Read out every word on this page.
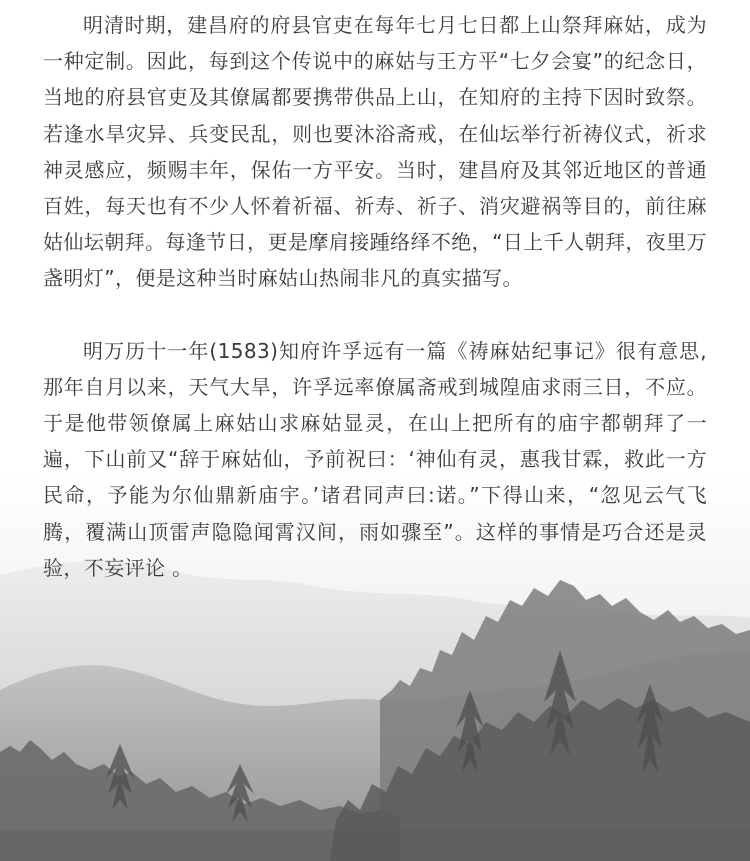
明清时期，建昌府的府县官吏在每年七月七日都上山祭拜麻姑，成为一种定制。因此，每到这个传说中的麻姑与王方平“七夕会宴”的纪念日，当地的府县官吏及其僚属都要携带供品上山，在知府的主持下因时致祭。若逢水旱灾异、兵变民乱，则也要沐浴斋戒，在仙坛举行祈祷仪式，祈求神灵感应，频赐丰年，保佑一方平安。当时，建昌府及其邻近地区的普通百姓，每天也有不少人怀着祈福、祈寿、祈子、消灾避祸等目的，前往麻姑仙坛朝拜。每逢节日，更是摩肩接踵络绎不绝，“日上千人朝拜，夜里万盏明灯”，便是这种当时麻姑山热闹非凡的真实描写。

明万历十一年(1583)知府许孚远有一篇《祷麻姑纪事记》很有意思,那年自月以来，天气大旱，许孚远率僚属斋戒到城隍庙求雨三日，不应。于是他带领僚属上麻姑山求麻姑显灵，在山上把所有的庙宇都朝拜了一遍，下山前又“辞于麻姑仙，予前祝曰：‘神仙有灵，惠我甘霖，救此一方民命，予能为尔仙鼎新庙宇。’诸君同声曰:诺。”下得山来，“忽见云气飞腾，覆满山顶雷声隐隐闻霄汉间，雨如骤至”。这样的事情是巧合还是灵验，不妄评论 。
